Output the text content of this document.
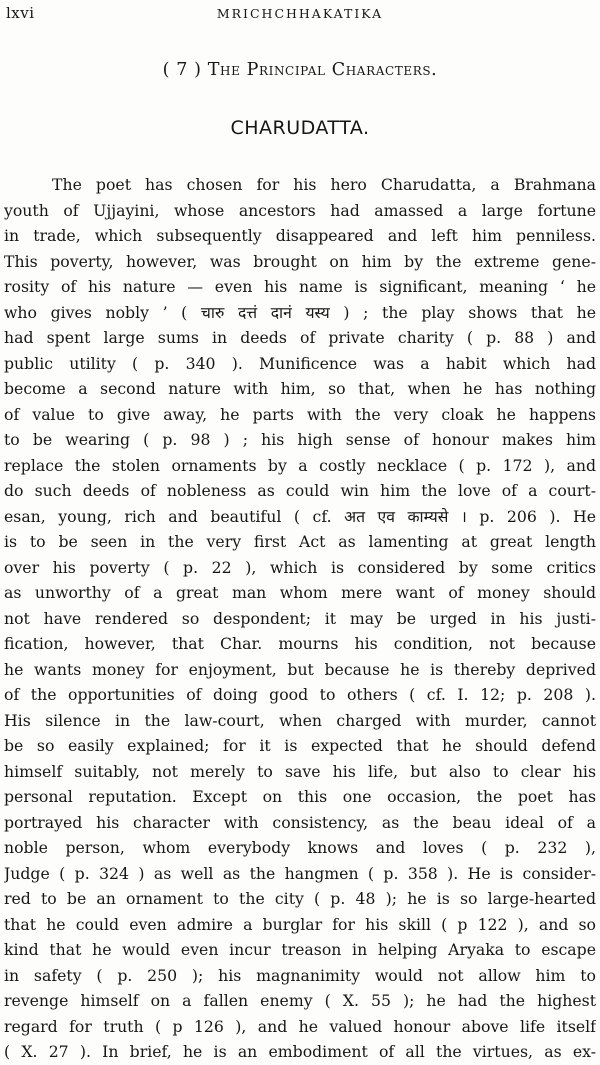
lxvi	MRICHCHHAKATIKA
( 7 ) The Principal Characters.
CHARUDATTA.
The poet has chosen for his hero Charudatta, a Brahmana
youth of Ujjayini, whose ancestors had amassed a large fortune
in trade, which subsequently disappeared and left him penniless.
This poverty, however, was brought on him by the extreme gene-
rosity of his nature — even his name is significant, meaning ‘ he
who gives nobly ’ ( चारु दत्तं दानं यस्य ) ; the play shows that he
had spent large sums in deeds of private charity ( p. 88 ) and
public utility ( p. 340 ). Munificence was a habit which had
become a second nature with him, so that, when he has nothing
of value to give away, he parts with the very cloak he happens
to be wearing ( p. 98 ) ; his high sense of honour makes him
replace the stolen ornaments by a costly necklace ( p. 172 ), and
do such deeds of nobleness as could win him the love of a court-
esan, young, rich and beautiful ( cf. अत एव काम्यसे । p. 206 ). He
is to be seen in the very first Act as lamenting at great length
over his poverty ( p. 22 ), which is considered by some critics
as unworthy of a great man whom mere want of money should
not have rendered so despondent; it may be urged in his justi-
fication, however, that Char. mourns his condition, not because
he wants money for enjoyment, but because he is thereby deprived
of the opportunities of doing good to others ( cf. I. 12; p. 208 ).
His silence in the law-court, when charged with murder, cannot
be so easily explained; for it is expected that he should defend
himself suitably, not merely to save his life, but also to clear his
personal reputation. Except on this one occasion, the poet has
portrayed his character with consistency, as the beau ideal of a
noble person, whom everybody knows and loves ( p. 232 ),
Judge ( p. 324 ) as well as the hangmen ( p. 358 ). He is consider-
red to be an ornament to the city ( p. 48 ); he is so large-hearted
that he could even admire a burglar for his skill ( p 122 ), and so
kind that he would even incur treason in helping Aryaka to escape
in safety ( p. 250 ); his magnanimity would not allow him to
revenge himself on a fallen enemy ( X. 55 ); he had the highest
regard for truth ( p 126 ), and he valued honour above life itself
( X. 27 ). In brief, he is an embodiment of all the virtues, as ex-
